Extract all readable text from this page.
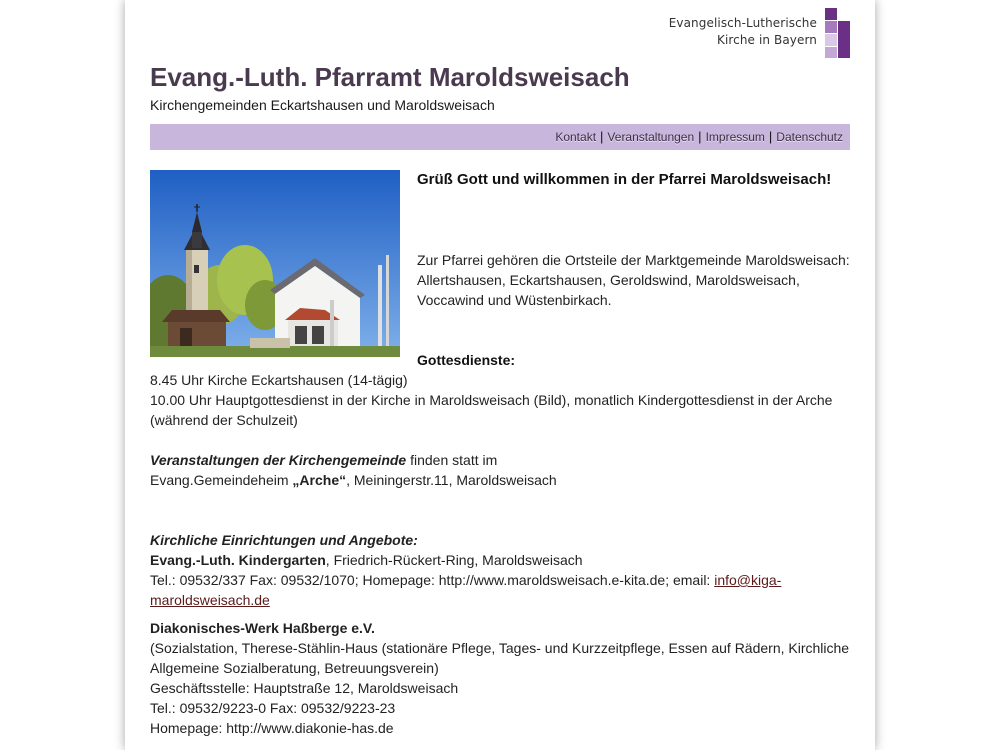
Evangelisch-Lutherische
Kirche in Bayern
Evang.-Luth. Pfarramt Maroldsweisach
Kirchengemeinden Eckartshausen und Maroldsweisach
Kontakt | Veranstaltungen | Impressum | Datenschutz
Grüß Gott und willkommen in der Pfarrei Maroldsweisach!
Zur Pfarrei gehören die Ortsteile der Marktgemeinde Maroldsweisach: Allertshausen, Eckartshausen, Geroldswind, Maroldsweisach, Voccawind und Wüstenbirkach.
Gottesdienste:

8.45 Uhr Kirche Eckartshausen (14-tägig)

10.00 Uhr Hauptgottesdienst in der Kirche in Maroldsweisach (Bild), monatlich Kindergottesdienst in der Arche (während der Schulzeit)

Veranstaltungen der Kirchengemeinde finden statt im

Evang.Gemeindeheim „Arche“, Meiningerstr.11, Maroldsweisach

Kirchliche Einrichtungen und Angebote:

Evang.-Luth. Kindergarten, Friedrich-Rückert-Ring, Maroldsweisach

Tel.: 09532/337 Fax: 09532/1070; Homepage: http://www.maroldsweisach.e-kita.de; email: info@kiga-maroldsweisach.de

Diakonisches-Werk Haßberge e.V.

(Sozialstation, Therese-Stählin-Haus (stationäre Pflege, Tages- und Kurzzeitpflege, Essen auf Rädern, Kirchliche Allgemeine Sozialberatung, Betreuungsverein)

Geschäftsstelle: Hauptstraße 12, Maroldsweisach

Tel.: 09532/9223-0 Fax: 09532/9223-23

Homepage: http://www.diakonie-has.de
